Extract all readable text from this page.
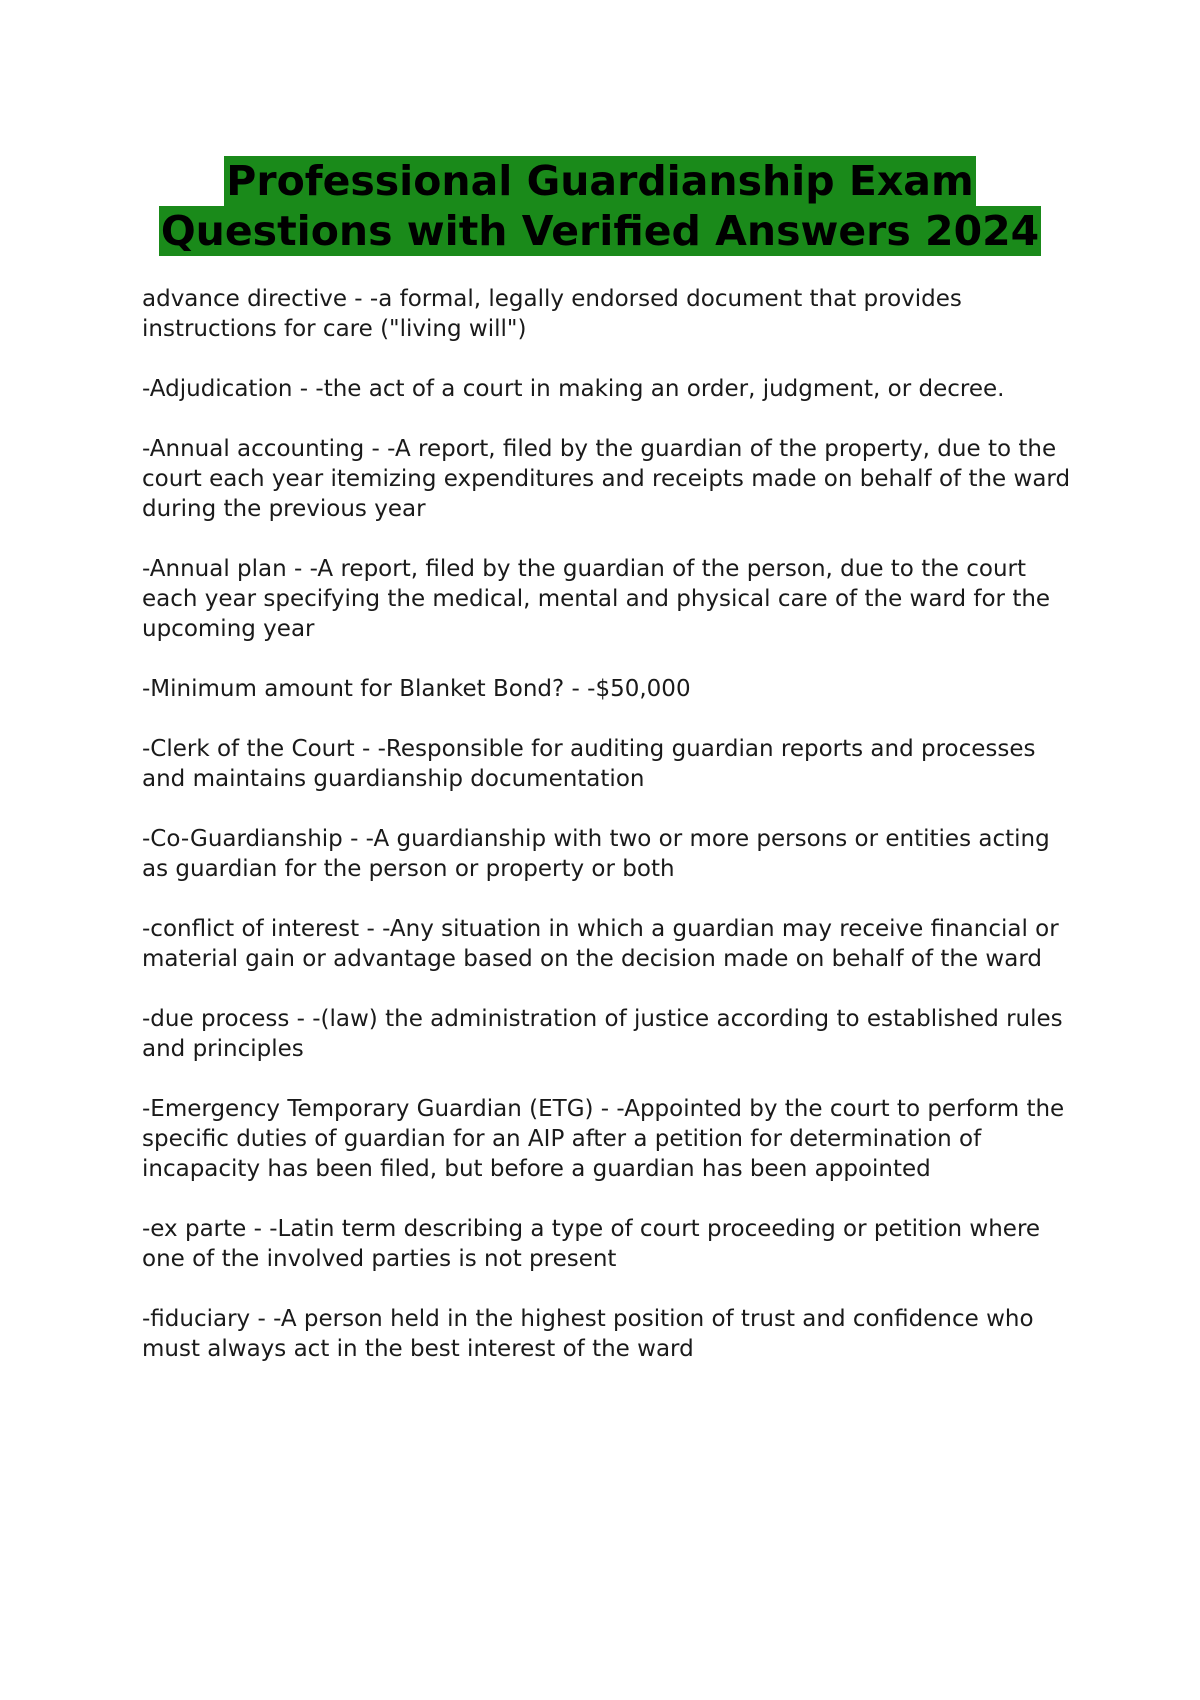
Professional Guardianship Exam
Questions with Verified Answers 2024

advance directive - -a formal, legally endorsed document that provides instructions for care ("living will")

-Adjudication - -the act of a court in making an order, judgment, or decree.

-Annual accounting - -A report, filed by the guardian of the property, due to the court each year itemizing expenditures and receipts made on behalf of the ward during the previous year

-Annual plan - -A report, filed by the guardian of the person, due to the court each year specifying the medical, mental and physical care of the ward for the upcoming year

-Minimum amount for Blanket Bond? - -$50,000

-Clerk of the Court - -Responsible for auditing guardian reports and processes and maintains guardianship documentation

-Co-Guardianship - -A guardianship with two or more persons or entities acting as guardian for the person or property or both

-conflict of interest - -Any situation in which a guardian may receive financial or material gain or advantage based on the decision made on behalf of the ward

-due process - -(law) the administration of justice according to established rules and principles

-Emergency Temporary Guardian (ETG) - -Appointed by the court to perform the specific duties of guardian for an AIP after a petition for determination of incapacity has been filed, but before a guardian has been appointed

-ex parte - -Latin term describing a type of court proceeding or petition where one of the involved parties is not present

-fiduciary - -A person held in the highest position of trust and confidence who must always act in the best interest of the ward
